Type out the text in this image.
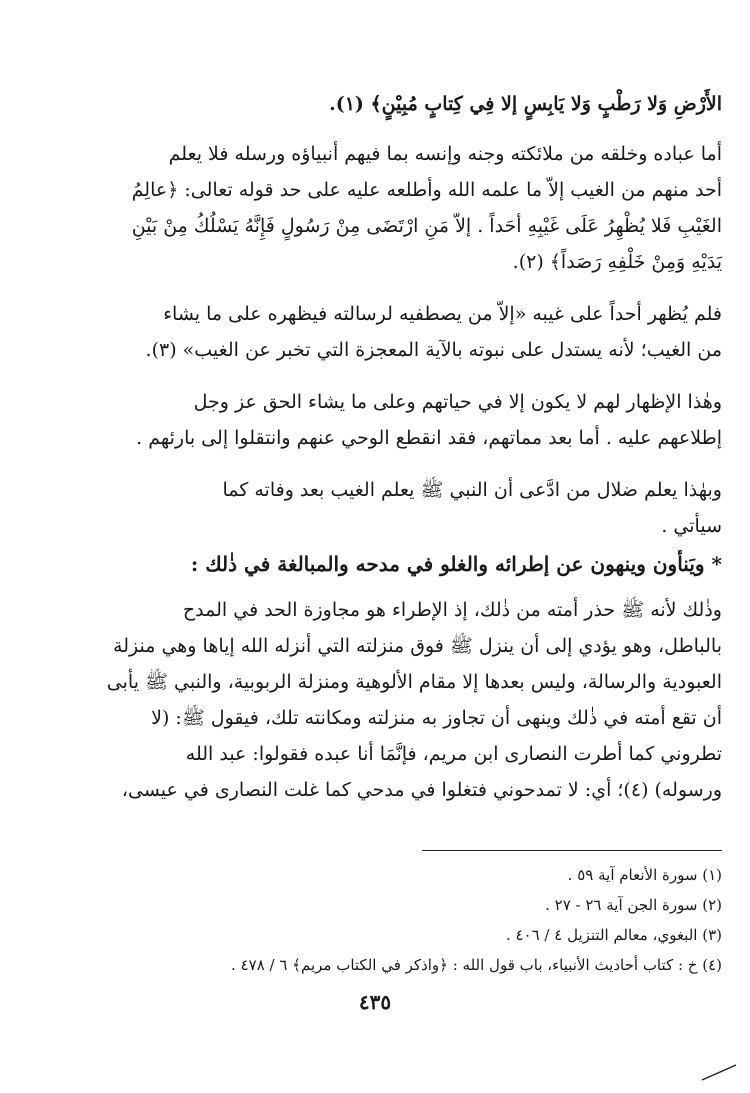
الأَرْضِ وَلا رَطْبٍ وَلا يَابِسٍ إلا فِي كِتابٍ مُبِيْنٍ﴾ (١).
أما عباده وخلقه من ملائكته وجنه وإنسه بما فيهم أنبياؤه ورسله فلا يعلم
أحد منهم من الغيب إلاّ ما علمه الله وأطلعه عليه على حد قوله تعالى: ﴿عالِمُ
الغَيْبِ فَلا يُظْهِرُ عَلَى غَيْبِهِ أحَداً . إلاّ مَنِ ارْتَضَى مِنْ رَسُولٍ فَإِنَّهُ يَسْلُكُ مِنْ بَيْنِ
يَدَيْهِ وَمِنْ خَلْفِهِ رَصَداً﴾ (٢).
فلم يُظهر أحداً على غيبه «إلاّ من يصطفيه لرسالته فيظهره على ما يشاء
من الغيب؛ لأنه يستدل على نبوته بالآية المعجزة التي تخبر عن الغيب» (٣).
وهٰذا الإظهار لهم لا يكون إلا في حياتهم وعلى ما يشاء الحق عز وجل
إطلاعهم عليه . أما بعد مماتهم، فقد انقطع الوحي عنهم وانتقلوا إلى بارئهم .
وبهٰذا يعلم ضلال من ادَّعى أن النبي ﷺ يعلم الغيب بعد وفاته كما
سيأتي .
* ويَنأون وينهون عن إطرائه والغلو في مدحه والمبالغة في ذٰلك :
وذٰلك لأنه ﷺ حذر أمته من ذٰلك، إذ الإطراء هو مجاوزة الحد في المدح
بالباطل، وهو يؤدي إلى أن ينزل ﷺ فوق منزلته التي أنزله الله إياها وهي منزلة
العبودية والرسالة، وليس بعدها إلا مقام الألوهية ومنزلة الربوبية، والنبي ﷺ يأبى
أن تقع أمته في ذٰلك وينهى أن تجاوز به منزلته ومكانته تلك، فيقول ﷺ: (لا
تطروني كما أطرت النصارى ابن مريم، فإنَّمَا أنا عبده فقولوا: عبد الله
ورسوله) (٤)؛ أي: لا تمدحوني فتغلوا في مدحي كما غلت النصارى في عيسى،
(١) سورة الأنعام آية ٥٩ .
(٢) سورة الجن آية ٢٦ - ٢٧ .
(٣) البغوي، معالم التنزيل ٤ / ٤٠٦ .
(٤) خ : كتاب أحاديث الأنبياء، باب قول الله : ﴿واذكر في الكتاب مريم﴾ ٦ / ٤٧٨ .
٤٣٥
